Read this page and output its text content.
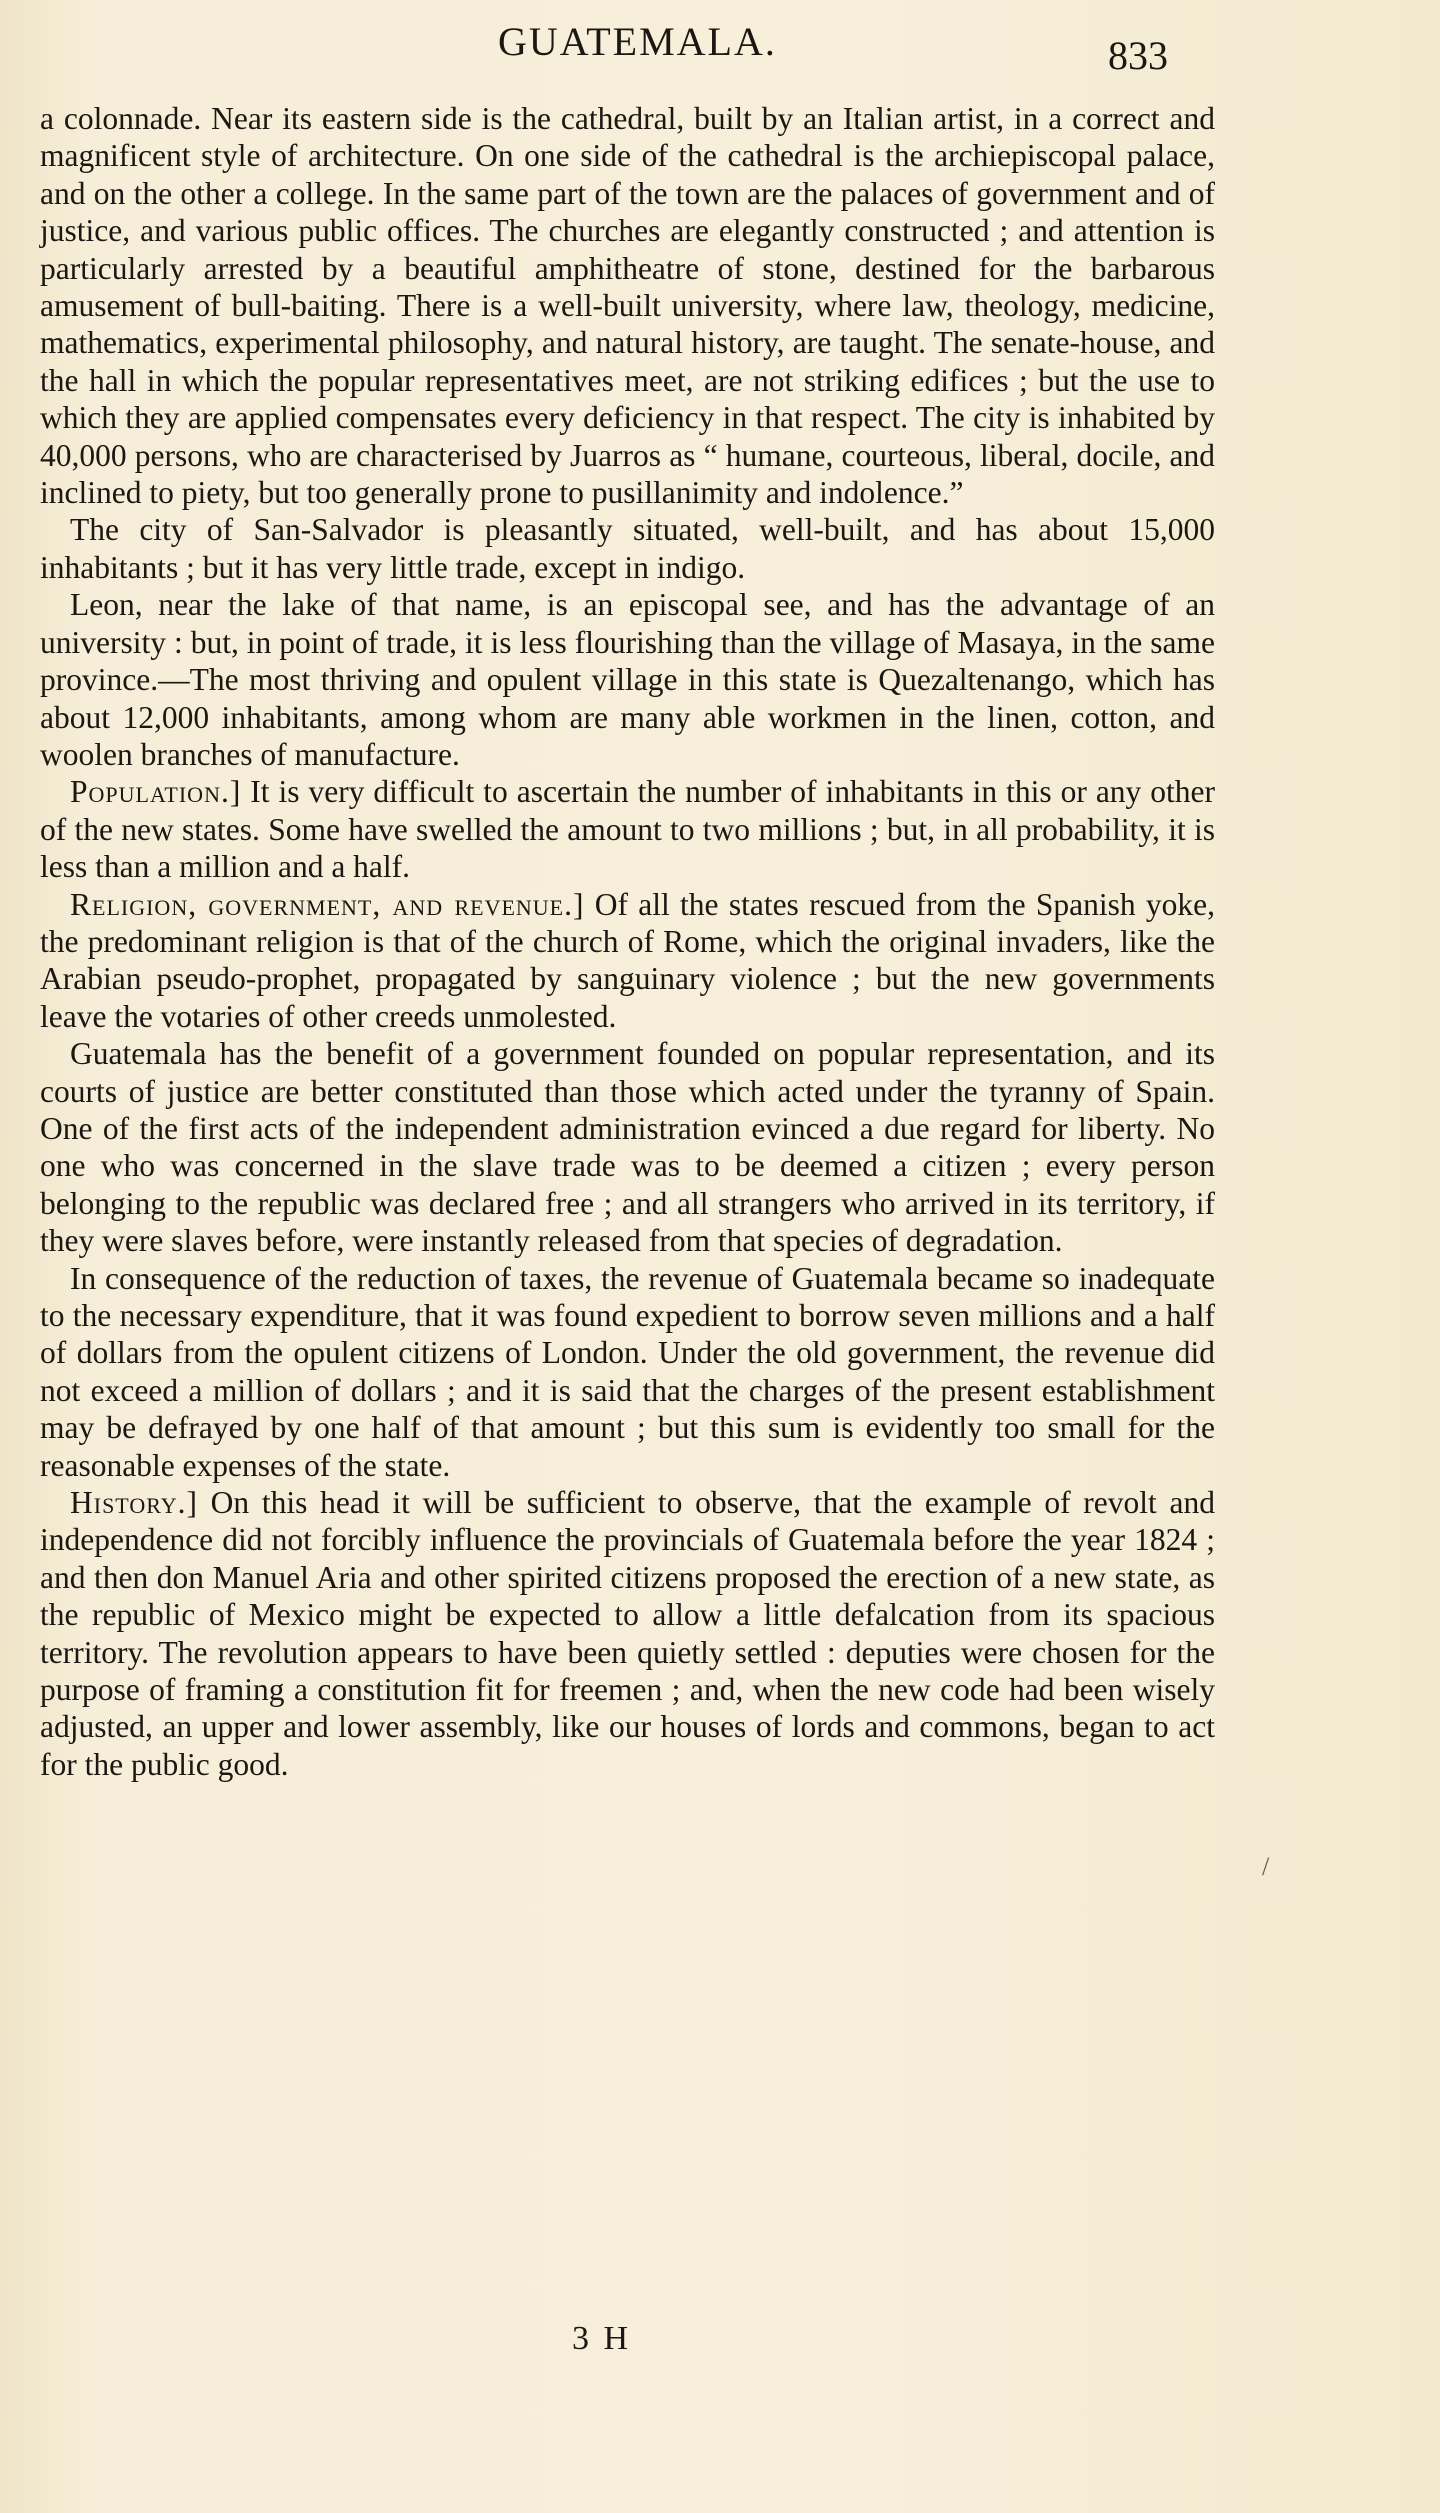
GUATEMALA.	833

a colonnade. Near its eastern side is the cathedral, built by an Italian artist, in a correct and magnificent style of architecture. On one side of the cathedral is the archiepiscopal palace, and on the other a college. In the same part of the town are the palaces of government and of justice, and various public offices. The churches are elegantly constructed ; and attention is particularly arrested by a beautiful amphitheatre of stone, destined for the barbarous amusement of bull-baiting. There is a well-built university, where law, theology, medicine, mathematics, experimental philosophy, and natural history, are taught. The senate-house, and the hall in which the popular representatives meet, are not striking edifices ; but the use to which they are applied compensates every deficiency in that respect. The city is inhabited by 40,000 persons, who are characterised by Juarros as “ humane, courteous, liberal, docile, and inclined to piety, but too generally prone to pusillanimity and indolence.”

The city of San-Salvador is pleasantly situated, well-built, and has about 15,000 inhabitants ; but it has very little trade, except in indigo.

Leon, near the lake of that name, is an episcopal see, and has the advantage of an university : but, in point of trade, it is less flourishing than the village of Masaya, in the same province.—The most thriving and opulent village in this state is Quezaltenango, which has about 12,000 inhabitants, among whom are many able workmen in the linen, cotton, and woolen branches of manufacture.

Population.] It is very difficult to ascertain the number of inhabitants in this or any other of the new states. Some have swelled the amount to two millions ; but, in all probability, it is less than a million and a half.

Religion, government, and revenue.] Of all the states rescued from the Spanish yoke, the predominant religion is that of the church of Rome, which the original invaders, like the Arabian pseudo-prophet, propagated by sanguinary violence ; but the new governments leave the votaries of other creeds unmolested.

Guatemala has the benefit of a government founded on popular representation, and its courts of justice are better constituted than those which acted under the tyranny of Spain. One of the first acts of the independent administration evinced a due regard for liberty. No one who was concerned in the slave trade was to be deemed a citizen ; every person belonging to the republic was declared free ; and all strangers who arrived in its territory, if they were slaves before, were instantly released from that species of degradation.

In consequence of the reduction of taxes, the revenue of Guatemala became so inadequate to the necessary expenditure, that it was found expedient to borrow seven millions and a half of dollars from the opulent citizens of London. Under the old government, the revenue did not exceed a million of dollars ; and it is said that the charges of the present establishment may be defrayed by one half of that amount ; but this sum is evidently too small for the reasonable expenses of the state.

History.] On this head it will be sufficient to observe, that the example of revolt and independence did not forcibly influence the provincials of Guatemala before the year 1824 ; and then don Manuel Aria and other spirited citizens proposed the erection of a new state, as the republic of Mexico might be expected to allow a little defalcation from its spacious territory. The revolution appears to have been quietly settled : deputies were chosen for the purpose of framing a constitution fit for freemen ; and, when the new code had been wisely adjusted, an upper and lower assembly, like our houses of lords and commons, began to act for the public good.

/
3 H
